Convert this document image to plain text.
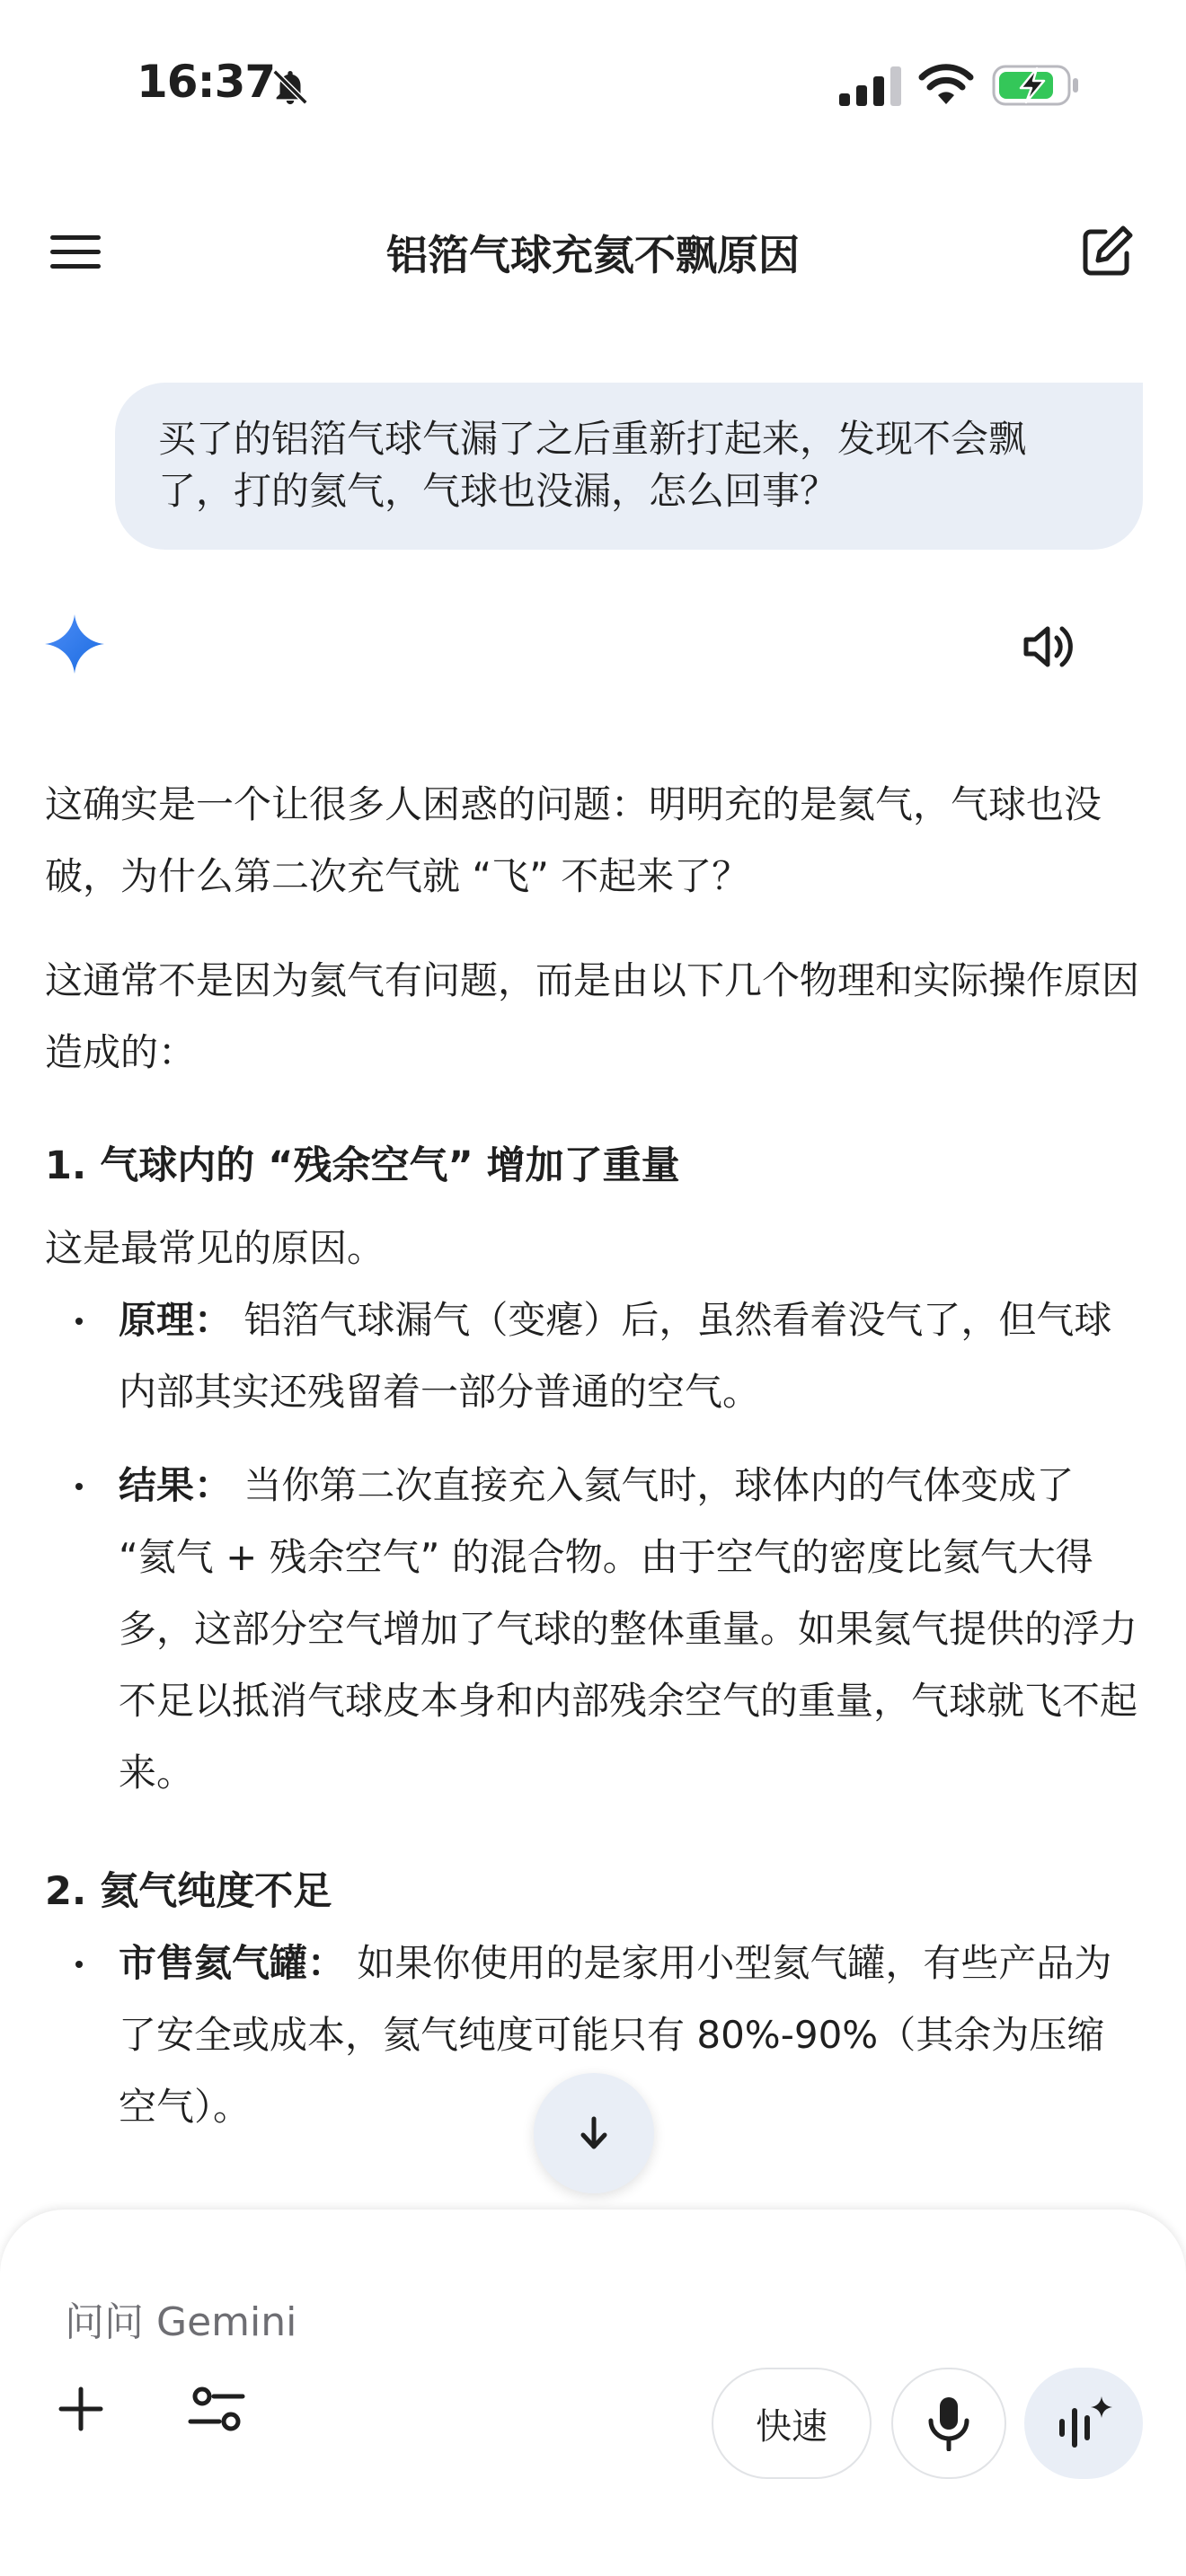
16:37
铝箔气球充氦不飘原因
买了的铝箔气球气漏了之后重新打起来，发现不会飘了，打的氦气，气球也没漏，怎么回事？
这确实是一个让很多人困惑的问题：明明充的是氦气，气球也没破，为什么第二次充气就 “飞” 不起来了？
这通常不是因为氦气有问题，而是由以下几个物理和实际操作原因造成的：
1. 气球内的 “残余空气” 增加了重量
这是最常见的原因。
原理： 铝箔气球漏气（变瘪）后，虽然看着没气了，但气球内部其实还残留着一部分普通的空气。
结果： 当你第二次直接充入氦气时，球体内的气体变成了 “氦气 + 残余空气” 的混合物。由于空气的密度比氦气大得多，这部分空气增加了气球的整体重量。如果氦气提供的浮力不足以抵消气球皮本身和内部残余空气的重量，气球就飞不起来。
2. 氦气纯度不足
市售氦气罐： 如果你使用的是家用小型氦气罐，有些产品为了安全或成本，氦气纯度可能只有 80%-90%（其余为压缩空气）。
问问 Gemini
快速
